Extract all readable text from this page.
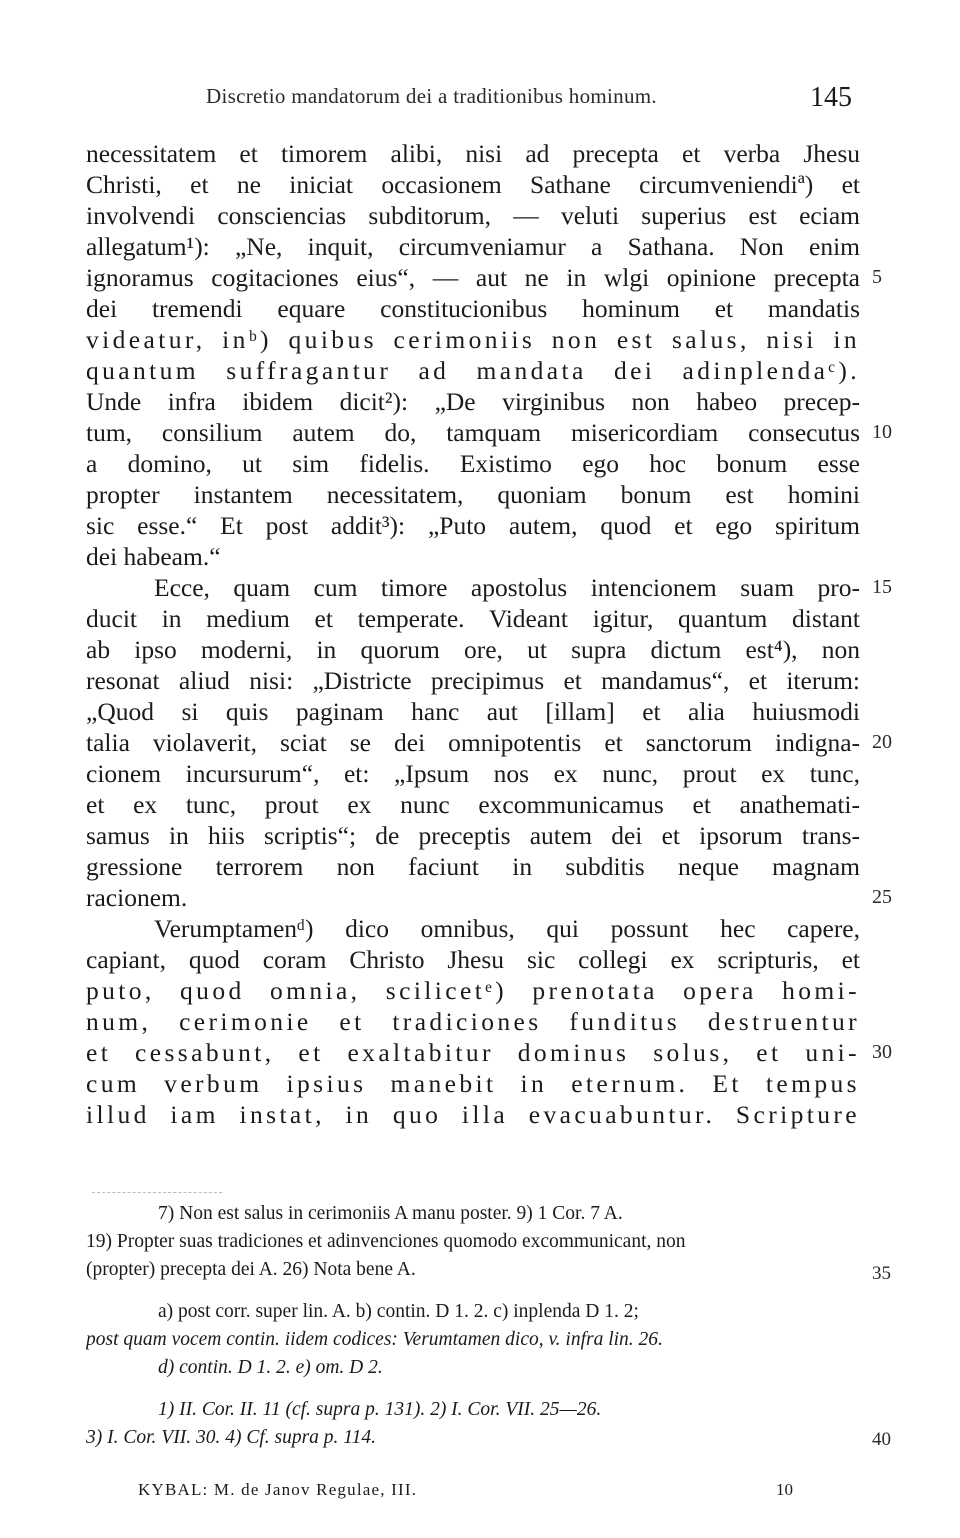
Discretio mandatorum dei a traditionibus hominum.	145
necessitatem et timorem alibi, nisi ad precepta et verba Jhesu
Christi, et ne iniciat occasionem Sathane circumveniendiª) et
involvendi consciencias subditorum, — veluti superius est eciam
allegatum¹): „Ne, inquit, circumveniamur a Sathana. Non enim
ignoramus cogitaciones eius“, — aut ne in wlgi opinione precepta
dei tremendi equare constitucionibus hominum et mandatis
videatur, inᵇ) quibus cerimoniis non est salus, nisi in
quantum suffragantur ad mandata dei adinplendaᶜ).
Unde infra ibidem dicit²): „De virginibus non habeo precep-
tum, consilium autem do, tamquam misericordiam consecutus
a domino, ut sim fidelis. Existimo ego hoc bonum esse
propter instantem necessitatem, quoniam bonum est homini
sic esse.“ Et post addit³): „Puto autem, quod et ego spiritum
dei habeam.“
Ecce, quam cum timore apostolus intencionem suam pro-
ducit in medium et temperate. Videant igitur, quantum distant
ab ipso moderni, in quorum ore, ut supra dictum est⁴), non
resonat aliud nisi: „Districte precipimus et mandamus“, et iterum:
„Quod si quis paginam hanc aut [illam] et alia huiusmodi
talia violaverit, sciat se dei omnipotentis et sanctorum indigna-
cionem incursurum“, et: „Ipsum nos ex nunc, prout ex tunc,
et ex tunc, prout ex nunc excommunicamus et anathemati-
samus in hiis scriptis“; de preceptis autem dei et ipsorum trans-
gressione terrorem non faciunt in subditis neque magnam
racionem.
Verumptamenᵈ) dico omnibus, qui possunt hec capere,
capiant, quod coram Christo Jhesu sic collegi ex scripturis, et
puto, quod omnia, scilicetᵉ) prenotata opera homi-
num, cerimonie et tradiciones funditus destruentur
et cessabunt, et exaltabitur dominus solus, et uni-
cum verbum ipsius manebit in eternum. Et tempus
illud iam instat, in quo illa evacuabuntur. Scripture
5
10
15
20
25
30
7) Non est salus in cerimoniis A manu poster. 9) 1 Cor. 7 A.
19) Propter suas tradiciones et adinvenciones quomodo excommunicant, non
(propter) precepta dei A. 26) Nota bene A.
a) post corr. super lin. A. b) contin. D 1. 2. c) inplenda D 1. 2;
post quam vocem contin. iidem codices: Verumtamen dico, v. infra lin. 26.
d) contin. D 1. 2. e) om. D 2.
1) II. Cor. II. 11 (cf. supra p. 131). 2) I. Cor. VII. 25—26.
3) I. Cor. VII. 30. 4) Cf. supra p. 114.
35
40
KYBAL: M. de Janov Regulae, III.	10
